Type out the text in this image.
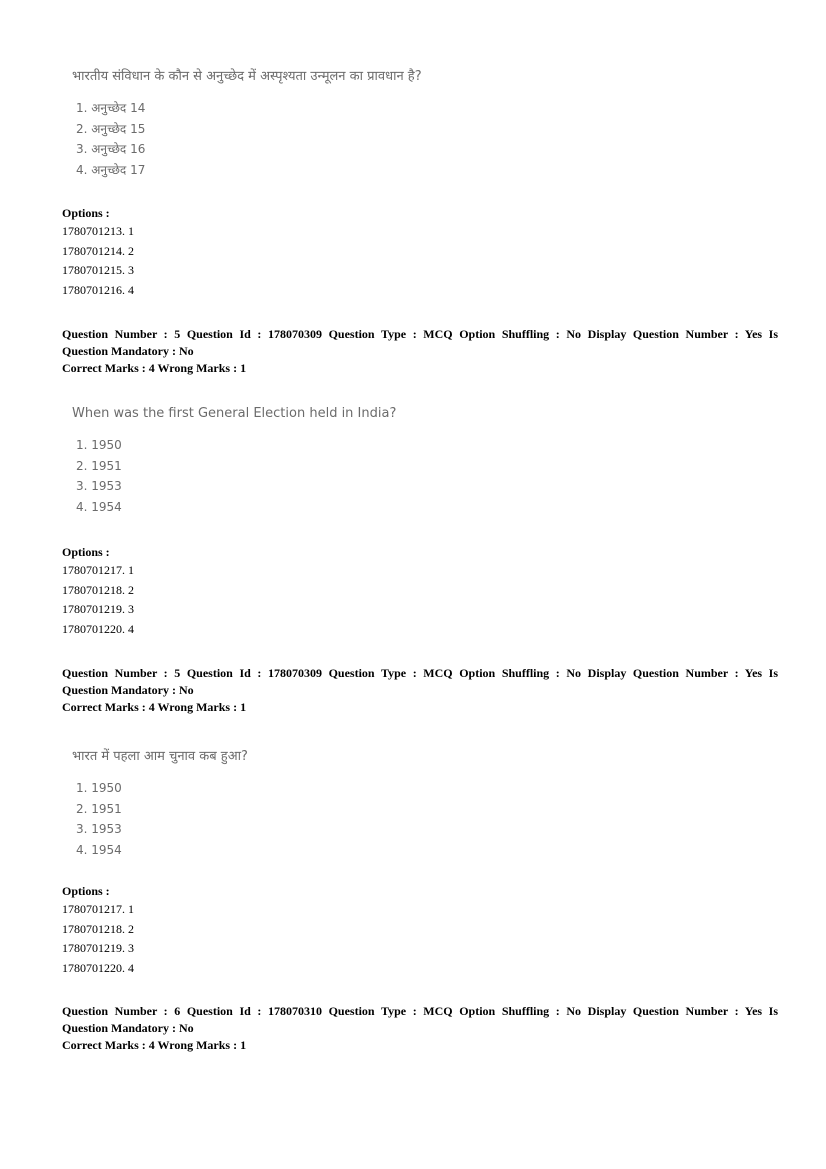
भारतीय संविधान के कौन से अनुच्छेद में अस्पृश्यता उन्मूलन का प्रावधान है?
1. अनुच्छेद 14
2. अनुच्छेद 15
3. अनुच्छेद 16
4. अनुच्छेद 17
Options :
1780701213. 1
1780701214. 2
1780701215. 3
1780701216. 4
Question Number : 5 Question Id : 178070309 Question Type : MCQ Option Shuffling : No Display Question Number : Yes Is
Question Mandatory : No
Correct Marks : 4 Wrong Marks : 1
When was the first General Election held in India?
1. 1950
2. 1951
3. 1953
4. 1954
Options :
1780701217. 1
1780701218. 2
1780701219. 3
1780701220. 4
Question Number : 5 Question Id : 178070309 Question Type : MCQ Option Shuffling : No Display Question Number : Yes Is
Question Mandatory : No
Correct Marks : 4 Wrong Marks : 1
भारत में पहला आम चुनाव कब हुआ?
1. 1950
2. 1951
3. 1953
4. 1954
Options :
1780701217. 1
1780701218. 2
1780701219. 3
1780701220. 4
Question Number : 6 Question Id : 178070310 Question Type : MCQ Option Shuffling : No Display Question Number : Yes Is
Question Mandatory : No
Correct Marks : 4 Wrong Marks : 1
